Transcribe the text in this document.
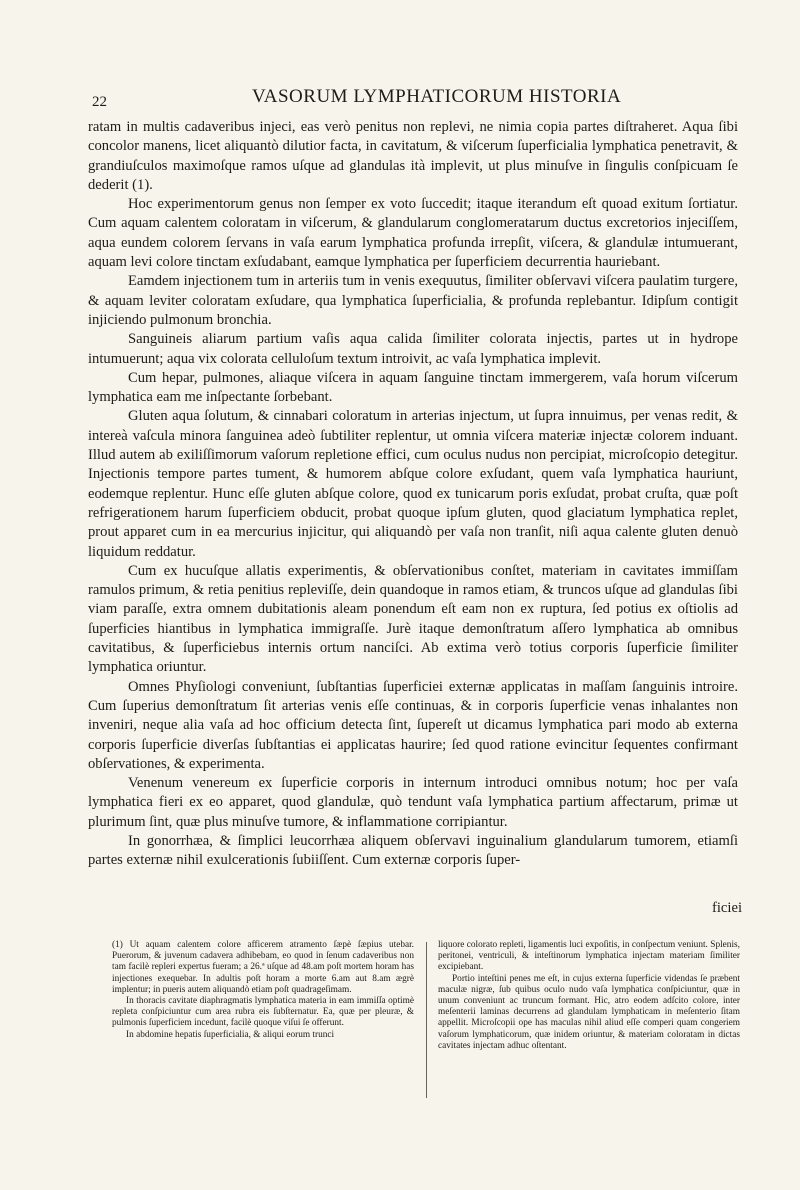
22	VASORUM LYMPHATICORUM HISTORIA

ratam in multis cadaveribus injeci, eas verò penitus non replevi, ne nimia copia partes diſtraheret. Aqua ſibi concolor manens, licet aliquantò dilutior facta, in cavitatum, & viſcerum ſuperficialia lymphatica penetravit, & grandiuſculos maximoſque ramos uſque ad glandulas ità implevit, ut plus minuſve in ſingulis conſpicuam ſe dederit (1).

Hoc experimentorum genus non ſemper ex voto ſuccedit; itaque iterandum eſt quoad exitum ſortiatur. Cum aquam calentem coloratam in viſcerum, & glandularum conglomeratarum ductus excretorios injeciſſem, aqua eundem colorem ſervans in vaſa earum lymphatica profunda irrepſit, viſcera, & glandulæ intumuerant, aquam levi colore tinctam exſudabant, eamque lymphatica per ſuperficiem decurrentia hauriebant.

Eamdem injectionem tum in arteriis tum in venis exequutus, ſimiliter obſervavi viſcera paulatim turgere, & aquam leviter coloratam exſudare, qua lymphatica ſuperficialia, & profunda replebantur. Idipſum contigit injiciendo pulmonum bronchia.

Sanguineis aliarum partium vaſis aqua calida ſimiliter colorata injectis, partes ut in hydrope intumuerunt; aqua vix colorata celluloſum textum introivit, ac vaſa lymphatica implevit.

Cum hepar, pulmones, aliaque viſcera in aquam ſanguine tinctam immergerem, vaſa horum viſcerum lymphatica eam me inſpectante ſorbebant.

Gluten aqua ſolutum, & cinnabari coloratum in arterias injectum, ut ſupra innuimus, per venas redit, & intereà vaſcula minora ſanguinea adeò ſubtiliter replentur, ut omnia viſcera materiæ injectæ colorem induant. Illud autem ab exiliſſimorum vaſorum repletione effici, cum oculus nudus non percipiat, microſcopio detegitur. Injectionis tempore partes tument, & humorem abſque colore exſudant, quem vaſa lymphatica hauriunt, eodemque replentur. Hunc eſſe gluten abſque colore, quod ex tunicarum poris exſudat, probat cruſta, quæ poſt refrigerationem harum ſuperficiem obducit, probat quoque ipſum gluten, quod glaciatum lymphatica replet, prout apparet cum in ea mercurius injicitur, qui aliquandò per vaſa non tranſit, niſi aqua calente gluten denuò liquidum reddatur.

Cum ex hucuſque allatis experimentis, & obſervationibus conſtet, materiam in cavitates immiſſam ramulos primum, & retia penitius repleviſſe, dein quandoque in ramos etiam, & truncos uſque ad glandulas ſibi viam paraſſe, extra omnem dubitationis aleam ponendum eſt eam non ex ruptura, ſed potius ex oſtiolis ad ſuperficies hiantibus in lymphatica immigraſſe. Jurè itaque demonſtratum aſſero lymphatica ab omnibus cavitatibus, & ſuperficiebus internis ortum nanciſci. Ab extima verò totius corporis ſuperficie ſimiliter lymphatica oriuntur.

Omnes Phyſiologi conveniunt, ſubſtantias ſuperficiei externæ applicatas in maſſam ſanguinis introire. Cum ſuperius demonſtratum ſit arterias venis eſſe continuas, & in corporis ſuperficie venas inhalantes non inveniri, neque alia vaſa ad hoc officium detecta ſint, ſupereſt ut dicamus lymphatica pari modo ab externa corporis ſuperficie diverſas ſubſtantias ei applicatas haurire; ſed quod ratione evincitur ſequentes confirmant obſervationes, & experimenta.

Venenum venereum ex ſuperficie corporis in internum introduci omnibus notum; hoc per vaſa lymphatica fieri ex eo apparet, quod glandulæ, quò tendunt vaſa lymphatica partium affectarum, primæ ut plurimum ſint, quæ plus minuſve tumore, & inflammatione corripiantur.

In gonorrhæa, & ſimplici leucorrhæa aliquem obſervavi inguinalium glandularum tumorem, etiamſi partes externæ nihil exulcerationis ſubiiſſent. Cum externæ corporis ſuper-

ficiei

(1) Ut aquam calentem colore afficerem atramento ſæpè ſæpius utebar. Puerorum, & juvenum cadavera adhibebam, eo quod in ſenum cadaveribus non tam facilè repleri expertus fueram; a 26.ª uſque ad 48.am poſt mortem horam has injectiones exequebar. In adultis poſt horam a morte 6.am aut 8.am ægrè implentur; in pueris autem aliquandò etiam poſt quadrageſimam.

In thoracis cavitate diaphragmatis lymphatica materia in eam immiſſa optimè repleta conſpiciuntur cum area rubra eis ſubſternatur. Ea, quæ per pleuræ, & pulmonis ſuperficiem incedunt, facilè quoque viſui ſe offerunt.

In abdomine hepatis ſuperficialia, & aliqui eorum trunci

liquore colorato repleti, ligamentis luci expoſitis, in conſpectum veniunt. Splenis, peritonei, ventriculi, & inteſtinorum lymphatica injectam materiam ſimiliter excipiebant.

Portio inteſtini penes me eſt, in cujus externa ſuperficie videndas ſe præbent maculæ nigræ, ſub quibus oculo nudo vaſa lymphatica conſpiciuntur, quæ in unum conveniunt ac truncum formant. Hic, atro eodem adſcito colore, inter meſenterii laminas decurrens ad glandulam lymphaticam in meſenterio ſitam appellit. Microſcopii ope has maculas nihil aliud eſſe comperi quam congeriem vaſorum lymphaticorum, quæ inidem oriuntur, & materiam coloratam in dictas cavitates injectam adhuc oſtentant.
